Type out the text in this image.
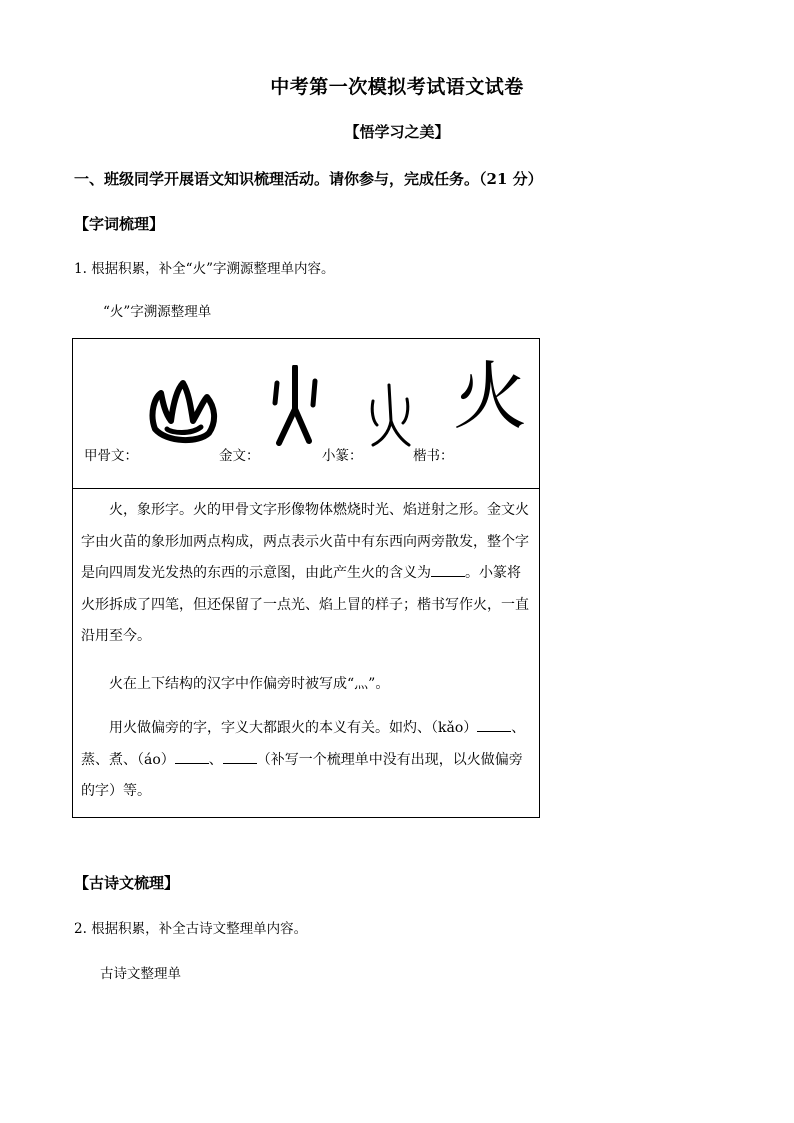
中考第一次模拟考试语文试卷
【悟学习之美】
一、班级同学开展语文知识梳理活动。请你参与，完成任务。（21 分）
【字词梳理】
1. 根据积累，补全“火”字溯源整理单内容。
“火”字溯源整理单
甲骨文：	金文：	小篆：	楷书：
火
火，象形字。火的甲骨文字形像物体燃烧时光、焰迸射之形。金文火字由火苗的象形加两点构成，两点表示火苗中有东西向两旁散发，整个字是向四周发光发热的东西的示意图，由此产生火的含义为 。小篆将火形拆成了四笔，但还保留了一点光、焰上冒的样子；楷书写作火，一直沿用至今。
火在上下结构的汉字中作偏旁时被写成“灬”。
用火做偏旁的字，字义大都跟火的本义有关。如灼、（kǎo） 、蒸、煮、（áo） 、 （补写一个梳理单中没有出现，以火做偏旁的字）等。
【古诗文梳理】
2. 根据积累，补全古诗文整理单内容。
古诗文整理单
